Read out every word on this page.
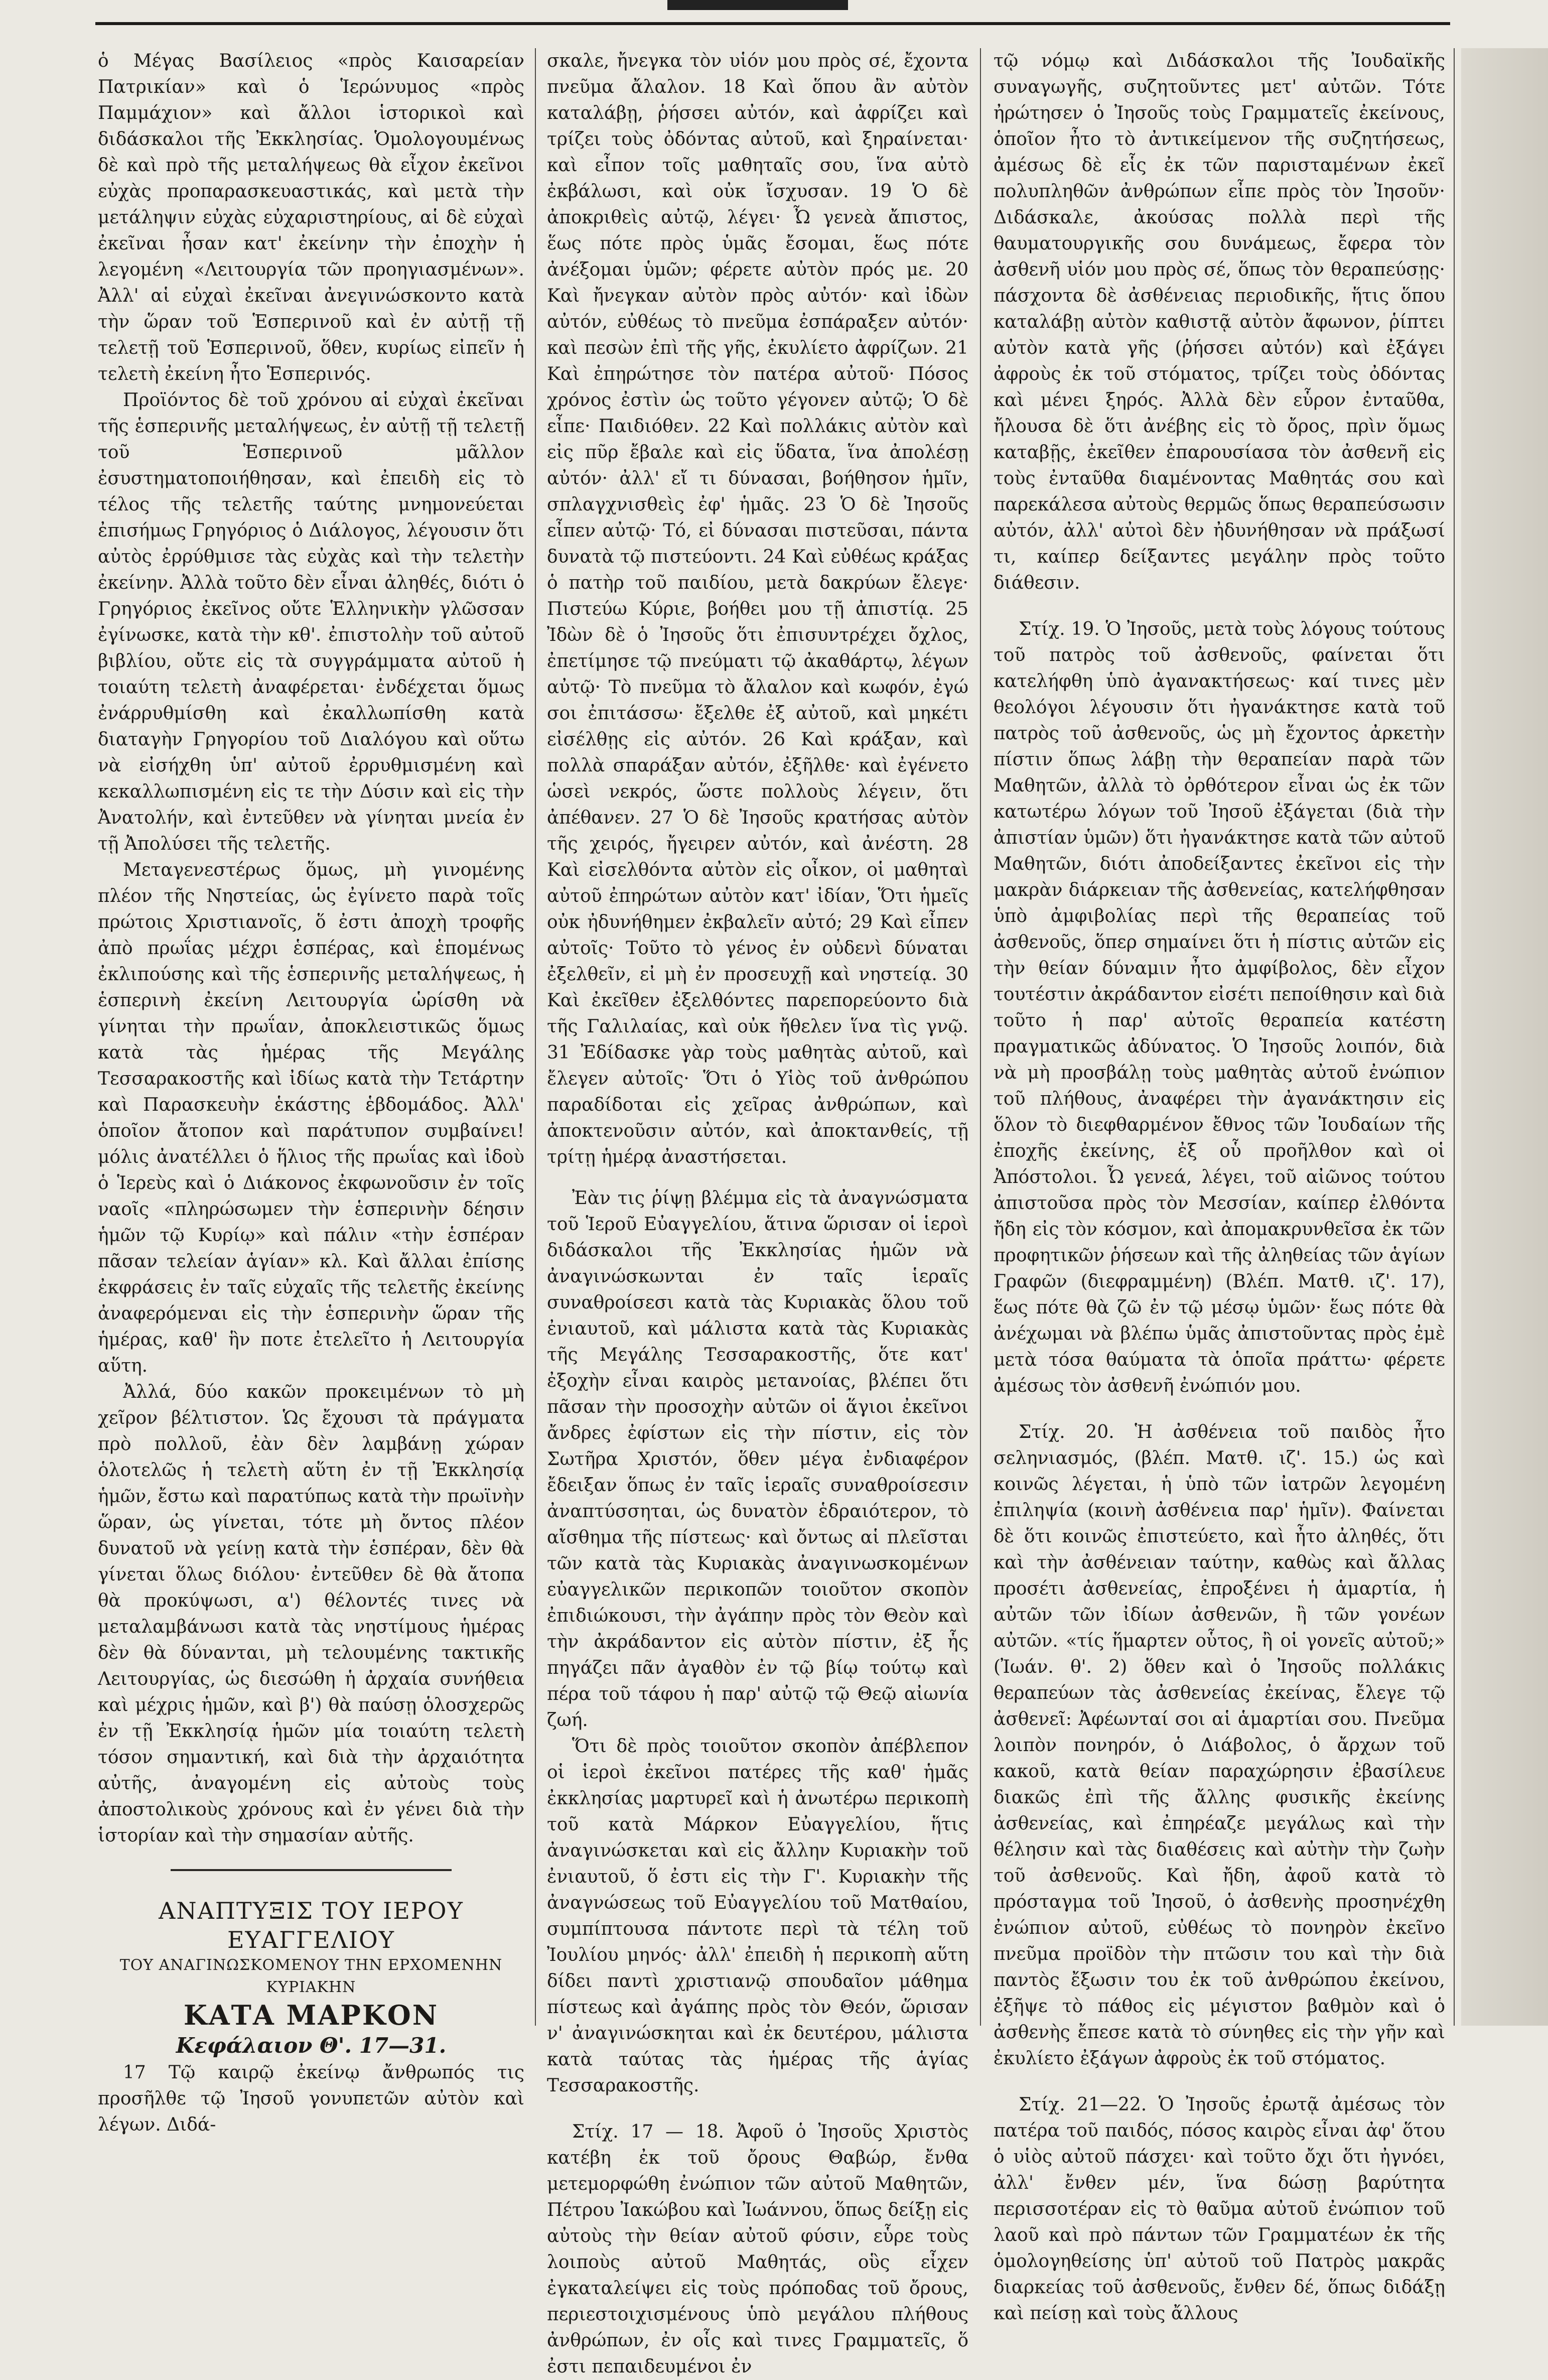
ὁ Μέγας Βασίλειος «πρὸς Καισαρείαν Πατρικίαν» καὶ ὁ Ἱερώνυμος «πρὸς Παμμάχιον» καὶ ἄλλοι ἱστορικοὶ καὶ διδάσκαλοι τῆς Ἐκκλησίας. Ὁμολογουμένως δὲ καὶ πρὸ τῆς μεταλήψεως θὰ εἶχον ἐκεῖνοι εὐχὰς προπαρασκευαστικάς, καὶ μετὰ τὴν μετάληψιν εὐχὰς εὐχαριστηρίους, αἱ δὲ εὐχαὶ ἐκεῖναι ἦσαν κατ' ἐκείνην τὴν ἐποχὴν ἡ λεγομένη «Λειτουργία τῶν προηγιασμένων». Ἀλλ' αἱ εὐχαὶ ἐκεῖναι ἀνεγινώσκοντο κατὰ τὴν ὥραν τοῦ Ἑσπερινοῦ καὶ ἐν αὐτῇ τῇ τελετῇ τοῦ Ἑσπερινοῦ, ὅθεν, κυρίως εἰπεῖν ἡ τελετὴ ἐκείνη ἦτο Ἑσπερινός.

Προϊόντος δὲ τοῦ χρόνου αἱ εὐχαὶ ἐκεῖναι τῆς ἑσπερινῆς μεταλήψεως, ἐν αὐτῇ τῇ τελετῇ τοῦ Ἑσπερινοῦ μᾶλλον ἐσυστηματοποιήθησαν, καὶ ἐπειδὴ εἰς τὸ τέλος τῆς τελετῆς ταύτης μνημονεύεται ἐπισήμως Γρηγόριος ὁ Διάλογος, λέγουσιν ὅτι αὐτὸς ἐρρύθμισε τὰς εὐχὰς καὶ τὴν τελετὴν ἐκείνην. Ἀλλὰ τοῦτο δὲν εἶναι ἀληθές, διότι ὁ Γρηγόριος ἐκεῖνος οὔτε Ἑλληνικὴν γλῶσσαν ἐγίνωσκε, κατὰ τὴν κθ'. ἐπιστολὴν τοῦ αὐτοῦ βιβλίου, οὔτε εἰς τὰ συγγράμματα αὐτοῦ ἡ τοιαύτη τελετὴ ἀναφέρεται· ἐνδέχεται ὅμως ἐνάρρυθμίσθη καὶ ἐκαλλωπίσθη κατὰ διαταγὴν Γρηγορίου τοῦ Διαλόγου καὶ οὕτω νὰ εἰσήχθη ὑπ' αὐτοῦ ἐρρυθμισμένη καὶ κεκαλλωπισμένη εἰς τε τὴν Δύσιν καὶ εἰς τὴν Ἀνατολήν, καὶ ἐντεῦθεν νὰ γίνηται μνεία ἐν τῇ Ἀπολύσει τῆς τελετῆς.

Μεταγενεστέρως ὅμως, μὴ γινομένης πλέον τῆς Νηστείας, ὡς ἐγίνετο παρὰ τοῖς πρώτοις Χριστιανοῖς, ὅ ἐστι ἀποχὴ τροφῆς ἀπὸ πρωΐας μέχρι ἑσπέρας, καὶ ἑπομένως ἐκλιπούσης καὶ τῆς ἑσπερινῆς μεταλήψεως, ἡ ἑσπερινὴ ἐκείνη Λειτουργία ὡρίσθη νὰ γίνηται τὴν πρωΐαν, ἀποκλειστικῶς ὅμως κατὰ τὰς ἡμέρας τῆς Μεγάλης Τεσσαρακοστῆς καὶ ἰδίως κατὰ τὴν Τετάρτην καὶ Παρασκευὴν ἑκάστης ἑβδομάδος. Ἀλλ' ὁποῖον ἄτοπον καὶ παράτυπον συμβαίνει! μόλις ἀνατέλλει ὁ ἥλιος τῆς πρωΐας καὶ ἰδοὺ ὁ Ἱερεὺς καὶ ὁ Διάκονος ἐκφωνοῦσιν ἐν τοῖς ναοῖς «πληρώσωμεν τὴν ἑσπερινὴν δέησιν ἡμῶν τῷ Κυρίῳ» καὶ πάλιν «τὴν ἑσπέραν πᾶσαν τελείαν ἁγίαν» κλ. Καὶ ἄλλαι ἐπίσης ἐκφράσεις ἐν ταῖς εὐχαῖς τῆς τελετῆς ἐκείνης ἀναφερόμεναι εἰς τὴν ἑσπερινὴν ὥραν τῆς ἡμέρας, καθ' ἣν ποτε ἐτελεῖτο ἡ Λειτουργία αὕτη.

Ἀλλά, δύο κακῶν προκειμένων τὸ μὴ χεῖρον βέλτιστον. Ὡς ἔχουσι τὰ πράγματα πρὸ πολλοῦ, ἐὰν δὲν λαμβάνῃ χώραν ὁλοτελῶς ἡ τελετὴ αὕτη ἐν τῇ Ἐκκλησίᾳ ἡμῶν, ἔστω καὶ παρατύπως κατὰ τὴν πρωϊνὴν ὥραν, ὡς γίνεται, τότε μὴ ὄντος πλέον δυνατοῦ νὰ γείνῃ κατὰ τὴν ἑσπέραν, δὲν θὰ γίνεται ὅλως διόλου· ἐντεῦθεν δὲ θὰ ἄτοπα θὰ προκύψωσι, α') θέλοντές τινες νὰ μεταλαμβάνωσι κατὰ τὰς νηστίμους ἡμέρας δὲν θὰ δύνανται, μὴ τελουμένης τακτικῆς Λειτουργίας, ὡς διεσώθη ἡ ἀρχαία συνήθεια καὶ μέχρις ἡμῶν, καὶ β') θὰ παύσῃ ὁλοσχερῶς ἐν τῇ Ἐκκλησίᾳ ἡμῶν μία τοιαύτη τελετὴ τόσον σημαντική, καὶ διὰ τὴν ἀρχαιότητα αὐτῆς, ἀναγομένη εἰς αὐτοὺς τοὺς ἀποστολικοὺς χρόνους καὶ ἐν γένει διὰ τὴν ἱστορίαν καὶ τὴν σημασίαν αὐτῆς.

ΑΝΑΠΤΥΞΙΣ ΤΟΥ ΙΕΡΟΥ ΕΥΑΓΓΕΛΙΟΥ

ΤΟΥ ΑΝΑΓΙΝΩΣΚΟΜΕΝΟΥ ΤΗΝ ΕΡΧΟΜΕΝΗΝ ΚΥΡΙΑΚΗΝ

ΚΑΤΑ ΜΑΡΚΟΝ

Κεφάλαιον Θ'. 17—31.

17 Τῷ καιρῷ ἐκείνῳ ἄνθρωπός τις προσῆλθε τῷ Ἰησοῦ γονυπετῶν αὐτὸν καὶ λέγων. Διδά-

σκαλε, ἤνεγκα τὸν υἱόν μου πρὸς σέ, ἔχοντα πνεῦμα ἄλαλον. 18 Καὶ ὅπου ἂν αὐτὸν καταλάβῃ, ῥήσσει αὐτόν, καὶ ἀφρίζει καὶ τρίζει τοὺς ὀδόντας αὐτοῦ, καὶ ξηραίνεται· καὶ εἶπον τοῖς μαθηταῖς σου, ἵνα αὐτὸ ἐκβάλωσι, καὶ οὐκ ἴσχυσαν. 19 Ὁ δὲ ἀποκριθεὶς αὐτῷ, λέγει· Ὦ γενεὰ ἄπιστος, ἕως πότε πρὸς ὑμᾶς ἔσομαι, ἕως πότε ἀνέξομαι ὑμῶν; φέρετε αὐτὸν πρός με. 20 Καὶ ἤνεγκαν αὐτὸν πρὸς αὐτόν· καὶ ἰδὼν αὐτόν, εὐθέως τὸ πνεῦμα ἐσπάραξεν αὐτόν· καὶ πεσὼν ἐπὶ τῆς γῆς, ἐκυλίετο ἀφρίζων. 21 Καὶ ἐπηρώτησε τὸν πατέρα αὐτοῦ· Πόσος χρόνος ἐστὶν ὡς τοῦτο γέγονεν αὐτῷ; Ὁ δὲ εἶπε· Παιδιόθεν. 22 Καὶ πολλάκις αὐτὸν καὶ εἰς πῦρ ἔβαλε καὶ εἰς ὕδατα, ἵνα ἀπολέσῃ αὐτόν· ἀλλ' εἴ τι δύνασαι, βοήθησον ἡμῖν, σπλαγχνισθεὶς ἐφ' ἡμᾶς. 23 Ὁ δὲ Ἰησοῦς εἶπεν αὐτῷ· Τό, εἰ δύνασαι πιστεῦσαι, πάντα δυνατὰ τῷ πιστεύοντι. 24 Καὶ εὐθέως κράξας ὁ πατὴρ τοῦ παιδίου, μετὰ δακρύων ἔλεγε· Πιστεύω Κύριε, βοήθει μου τῇ ἀπιστίᾳ. 25 Ἰδὼν δὲ ὁ Ἰησοῦς ὅτι ἐπισυντρέχει ὄχλος, ἐπετίμησε τῷ πνεύματι τῷ ἀκαθάρτῳ, λέγων αὐτῷ· Τὸ πνεῦμα τὸ ἄλαλον καὶ κωφόν, ἐγώ σοι ἐπιτάσσω· ἔξελθε ἐξ αὐτοῦ, καὶ μηκέτι εἰσέλθῃς εἰς αὐτόν. 26 Καὶ κράξαν, καὶ πολλὰ σπαράξαν αὐτόν, ἐξῆλθε· καὶ ἐγένετο ὡσεὶ νεκρός, ὥστε πολλοὺς λέγειν, ὅτι ἀπέθανεν. 27 Ὁ δὲ Ἰησοῦς κρατήσας αὐτὸν τῆς χειρός, ἤγειρεν αὐτόν, καὶ ἀνέστη. 28 Καὶ εἰσελθόντα αὐτὸν εἰς οἶκον, οἱ μαθηταὶ αὐτοῦ ἐπηρώτων αὐτὸν κατ' ἰδίαν, Ὅτι ἡμεῖς οὐκ ἠδυνήθημεν ἐκβαλεῖν αὐτό; 29 Καὶ εἶπεν αὐτοῖς· Τοῦτο τὸ γένος ἐν οὐδενὶ δύναται ἐξελθεῖν, εἰ μὴ ἐν προσευχῇ καὶ νηστείᾳ. 30 Καὶ ἐκεῖθεν ἐξελθόντες παρεπορεύοντο διὰ τῆς Γαλιλαίας, καὶ οὐκ ἤθελεν ἵνα τὶς γνῷ. 31 Ἐδίδασκε γὰρ τοὺς μαθητὰς αὐτοῦ, καὶ ἔλεγεν αὐτοῖς· Ὅτι ὁ Υἱὸς τοῦ ἀνθρώπου παραδίδοται εἰς χεῖρας ἀνθρώπων, καὶ ἀποκτενοῦσιν αὐτόν, καὶ ἀποκτανθείς, τῇ τρίτῃ ἡμέρᾳ ἀναστήσεται.

Ἐὰν τις ῥίψῃ βλέμμα εἰς τὰ ἀναγνώσματα τοῦ Ἱεροῦ Εὐαγγελίου, ἅτινα ὥρισαν οἱ ἱεροὶ διδάσκαλοι τῆς Ἐκκλησίας ἡμῶν νὰ ἀναγινώσκωνται ἐν ταῖς ἱεραῖς συναθροίσεσι κατὰ τὰς Κυριακὰς ὅλου τοῦ ἐνιαυτοῦ, καὶ μάλιστα κατὰ τὰς Κυριακὰς τῆς Μεγάλης Τεσσαρακοστῆς, ὅτε κατ' ἐξοχὴν εἶναι καιρὸς μετανοίας, βλέπει ὅτι πᾶσαν τὴν προσοχὴν αὐτῶν οἱ ἅγιοι ἐκεῖνοι ἄνδρες ἐφίστων εἰς τὴν πίστιν, εἰς τὸν Σωτῆρα Χριστόν, ὅθεν μέγα ἐνδιαφέρον ἔδειξαν ὅπως ἐν ταῖς ἱεραῖς συναθροίσεσιν ἀναπτύσσηται, ὡς δυνατὸν ἑδραιότερον, τὸ αἴσθημα τῆς πίστεως· καὶ ὄντως αἱ πλεῖσται τῶν κατὰ τὰς Κυριακὰς ἀναγινωσκομένων εὐαγγελικῶν περικοπῶν τοιοῦτον σκοπὸν ἐπιδιώκουσι, τὴν ἀγάπην πρὸς τὸν Θεὸν καὶ τὴν ἀκράδαντον εἰς αὐτὸν πίστιν, ἐξ ἧς πηγάζει πᾶν ἀγαθὸν ἐν τῷ βίῳ τούτῳ καὶ πέρα τοῦ τάφου ἡ παρ' αὐτῷ τῷ Θεῷ αἰωνία ζωή.

Ὅτι δὲ πρὸς τοιοῦτον σκοπὸν ἀπέβλεπον οἱ ἱεροὶ ἐκεῖνοι πατέρες τῆς καθ' ἡμᾶς ἐκκλησίας μαρτυρεῖ καὶ ἡ ἀνωτέρω περικοπὴ τοῦ κατὰ Μάρκον Εὐαγγελίου, ἥτις ἀναγινώσκεται καὶ εἰς ἄλλην Κυριακὴν τοῦ ἐνιαυτοῦ, ὅ ἐστι εἰς τὴν Γ'. Κυριακὴν τῆς ἀναγνώσεως τοῦ Εὐαγγελίου τοῦ Ματθαίου, συμπίπτουσα πάντοτε περὶ τὰ τέλη τοῦ Ἰουλίου μηνός· ἀλλ' ἐπειδὴ ἡ περικοπὴ αὕτη δίδει παντὶ χριστιανῷ σπουδαῖον μάθημα πίστεως καὶ ἀγάπης πρὸς τὸν Θεόν, ὥρισαν ν' ἀναγινώσκηται καὶ ἐκ δευτέρου, μάλιστα κατὰ ταύτας τὰς ἡμέρας τῆς ἁγίας Τεσσαρακοστῆς.

Στίχ. 17 — 18. Ἀφοῦ ὁ Ἰησοῦς Χριστὸς κατέβη ἐκ τοῦ ὄρους Θαβώρ, ἔνθα μετεμορφώθη ἐνώπιον τῶν αὐτοῦ Μαθητῶν, Πέτρου Ἰακώβου καὶ Ἰωάννου, ὅπως δείξῃ εἰς αὐτοὺς τὴν θείαν αὐτοῦ φύσιν, εὗρε τοὺς λοιποὺς αὐτοῦ Μαθητάς, οὓς εἶχεν ἐγκαταλείψει εἰς τοὺς πρόποδας τοῦ ὄρους, περιεστοιχισμένους ὑπὸ μεγάλου πλήθους ἀνθρώπων, ἐν οἷς καὶ τινες Γραμματεῖς, ὅ ἐστι πεπαιδευμένοι ἐν

τῷ νόμῳ καὶ Διδάσκαλοι τῆς Ἰουδαϊκῆς συναγωγῆς, συζητοῦντες μετ' αὐτῶν. Τότε ἠρώτησεν ὁ Ἰησοῦς τοὺς Γραμματεῖς ἐκείνους, ὁποῖον ἦτο τὸ ἀντικείμενον τῆς συζητήσεως, ἀμέσως δὲ εἷς ἐκ τῶν παρισταμένων ἐκεῖ πολυπληθῶν ἀνθρώπων εἶπε πρὸς τὸν Ἰησοῦν· Διδάσκαλε, ἀκούσας πολλὰ περὶ τῆς θαυματουργικῆς σου δυνάμεως, ἔφερα τὸν ἀσθενῆ υἱόν μου πρὸς σέ, ὅπως τὸν θεραπεύσῃς· πάσχοντα δὲ ἀσθένειας περιοδικῆς, ἥτις ὅπου καταλάβῃ αὐτὸν καθιστᾷ αὐτὸν ἄφωνον, ῥίπτει αὐτὸν κατὰ γῆς (ῥήσσει αὐτόν) καὶ ἐξάγει ἀφροὺς ἐκ τοῦ στόματος, τρίζει τοὺς ὀδόντας καὶ μένει ξηρός. Ἀλλὰ δὲν εὗρον ἐνταῦθα, ἤλουσα δὲ ὅτι ἀνέβης εἰς τὸ ὄρος, πρὶν ὅμως καταβῇς, ἐκεῖθεν ἐπαρουσίασα τὸν ἀσθενῆ εἰς τοὺς ἐνταῦθα διαμένοντας Μαθητάς σου καὶ παρεκάλεσα αὐτοὺς θερμῶς ὅπως θεραπεύσωσιν αὐτόν, ἀλλ' αὐτοὶ δὲν ἠδυνήθησαν νὰ πράξωσί τι, καίπερ δείξαντες μεγάλην πρὸς τοῦτο διάθεσιν.

Στίχ. 19. Ὁ Ἰησοῦς, μετὰ τοὺς λόγους τούτους τοῦ πατρὸς τοῦ ἀσθενοῦς, φαίνεται ὅτι κατελήφθη ὑπὸ ἀγανακτήσεως· καί τινες μὲν θεολόγοι λέγουσιν ὅτι ἠγανάκτησε κατὰ τοῦ πατρὸς τοῦ ἀσθενοῦς, ὡς μὴ ἔχοντος ἀρκετὴν πίστιν ὅπως λάβῃ τὴν θεραπείαν παρὰ τῶν Μαθητῶν, ἀλλὰ τὸ ὀρθότερον εἶναι ὡς ἐκ τῶν κατωτέρω λόγων τοῦ Ἰησοῦ ἐξάγεται (διὰ τὴν ἀπιστίαν ὑμῶν) ὅτι ἠγανάκτησε κατὰ τῶν αὐτοῦ Μαθητῶν, διότι ἀποδείξαντες ἐκεῖνοι εἰς τὴν μακρὰν διάρκειαν τῆς ἀσθενείας, κατελήφθησαν ὑπὸ ἀμφιβολίας περὶ τῆς θεραπείας τοῦ ἀσθενοῦς, ὅπερ σημαίνει ὅτι ἡ πίστις αὐτῶν εἰς τὴν θείαν δύναμιν ἦτο ἀμφίβολος, δὲν εἶχον τουτέστιν ἀκράδαντον εἰσέτι πεποίθησιν καὶ διὰ τοῦτο ἡ παρ' αὐτοῖς θεραπεία κατέστη πραγματικῶς ἀδύνατος. Ὁ Ἰησοῦς λοιπόν, διὰ νὰ μὴ προσβάλῃ τοὺς μαθητὰς αὐτοῦ ἐνώπιον τοῦ πλήθους, ἀναφέρει τὴν ἀγανάκτησιν εἰς ὅλον τὸ διεφθαρμένον ἔθνος τῶν Ἰουδαίων τῆς ἐποχῆς ἐκείνης, ἐξ οὗ προῆλθον καὶ οἱ Ἀπόστολοι. Ὦ γενεά, λέγει, τοῦ αἰῶνος τούτου ἀπιστοῦσα πρὸς τὸν Μεσσίαν, καίπερ ἐλθόντα ἤδη εἰς τὸν κόσμον, καὶ ἀπομακρυνθεῖσα ἐκ τῶν προφητικῶν ῥήσεων καὶ τῆς ἀληθείας τῶν ἁγίων Γραφῶν (διεφραμμένη) (Βλέπ. Ματθ. ιζ'. 17), ἕως πότε θὰ ζῶ ἐν τῷ μέσῳ ὑμῶν· ἕως πότε θὰ ἀνέχωμαι νὰ βλέπω ὑμᾶς ἀπιστοῦντας πρὸς ἐμὲ μετὰ τόσα θαύματα τὰ ὁποῖα πράττω· φέρετε ἀμέσως τὸν ἀσθενῆ ἐνώπιόν μου.

Στίχ. 20. Ἡ ἀσθένεια τοῦ παιδὸς ἦτο σεληνιασμός, (βλέπ. Ματθ. ιζ'. 15.) ὡς καὶ κοινῶς λέγεται, ἡ ὑπὸ τῶν ἰατρῶν λεγομένη ἐπιληψία (κοινὴ ἀσθένεια παρ' ἡμῖν). Φαίνεται δὲ ὅτι κοινῶς ἐπιστεύετο, καὶ ἦτο ἀληθές, ὅτι καὶ τὴν ἀσθένειαν ταύτην, καθὼς καὶ ἄλλας προσέτι ἀσθενείας, ἐπροξένει ἡ ἁμαρτία, ἡ αὐτῶν τῶν ἰδίων ἀσθενῶν, ἢ τῶν γονέων αὐτῶν. «τίς ἥμαρτεν οὗτος, ἢ οἱ γονεῖς αὐτοῦ;» (Ἰωάν. θ'. 2) ὅθεν καὶ ὁ Ἰησοῦς πολλάκις θεραπεύων τὰς ἀσθενείας ἐκείνας, ἔλεγε τῷ ἀσθενεῖ: Ἀφέωνταί σοι αἱ ἁμαρτίαι σου. Πνεῦμα λοιπὸν πονηρόν, ὁ Διάβολος, ὁ ἄρχων τοῦ κακοῦ, κατὰ θείαν παραχώρησιν ἐβασίλευε διακῶς ἐπὶ τῆς ἄλλης φυσικῆς ἐκείνης ἀσθενείας, καὶ ἐπηρέαζε μεγάλως καὶ τὴν θέλησιν καὶ τὰς διαθέσεις καὶ αὐτὴν τὴν ζωὴν τοῦ ἀσθενοῦς. Καὶ ἤδη, ἀφοῦ κατὰ τὸ πρόσταγμα τοῦ Ἰησοῦ, ὁ ἀσθενὴς προσηνέχθη ἐνώπιον αὐτοῦ, εὐθέως τὸ πονηρὸν ἐκεῖνο πνεῦμα προϊδὸν τὴν πτῶσιν του καὶ τὴν διὰ παντὸς ἔξωσιν του ἐκ τοῦ ἀνθρώπου ἐκείνου, ἐξῆψε τὸ πάθος εἰς μέγιστον βαθμὸν καὶ ὁ ἀσθενὴς ἔπεσε κατὰ τὸ σύνηθες εἰς τὴν γῆν καὶ ἐκυλίετο ἐξάγων ἀφροὺς ἐκ τοῦ στόματος.

Στίχ. 21—22. Ὁ Ἰησοῦς ἐρωτᾷ ἀμέσως τὸν πατέρα τοῦ παιδός, πόσος καιρὸς εἶναι ἀφ' ὅτου ὁ υἱὸς αὐτοῦ πάσχει· καὶ τοῦτο ὄχι ὅτι ἠγνόει, ἀλλ' ἔνθεν μέν, ἵνα δώσῃ βαρύτητα περισσοτέραν εἰς τὸ θαῦμα αὐτοῦ ἐνώπιον τοῦ λαοῦ καὶ πρὸ πάντων τῶν Γραμματέων ἐκ τῆς ὁμολογηθείσης ὑπ' αὐτοῦ τοῦ Πατρὸς μακρᾶς διαρκείας τοῦ ἀσθενοῦς, ἔνθεν δέ, ὅπως διδάξῃ καὶ πείσῃ καὶ τοὺς ἄλλους
